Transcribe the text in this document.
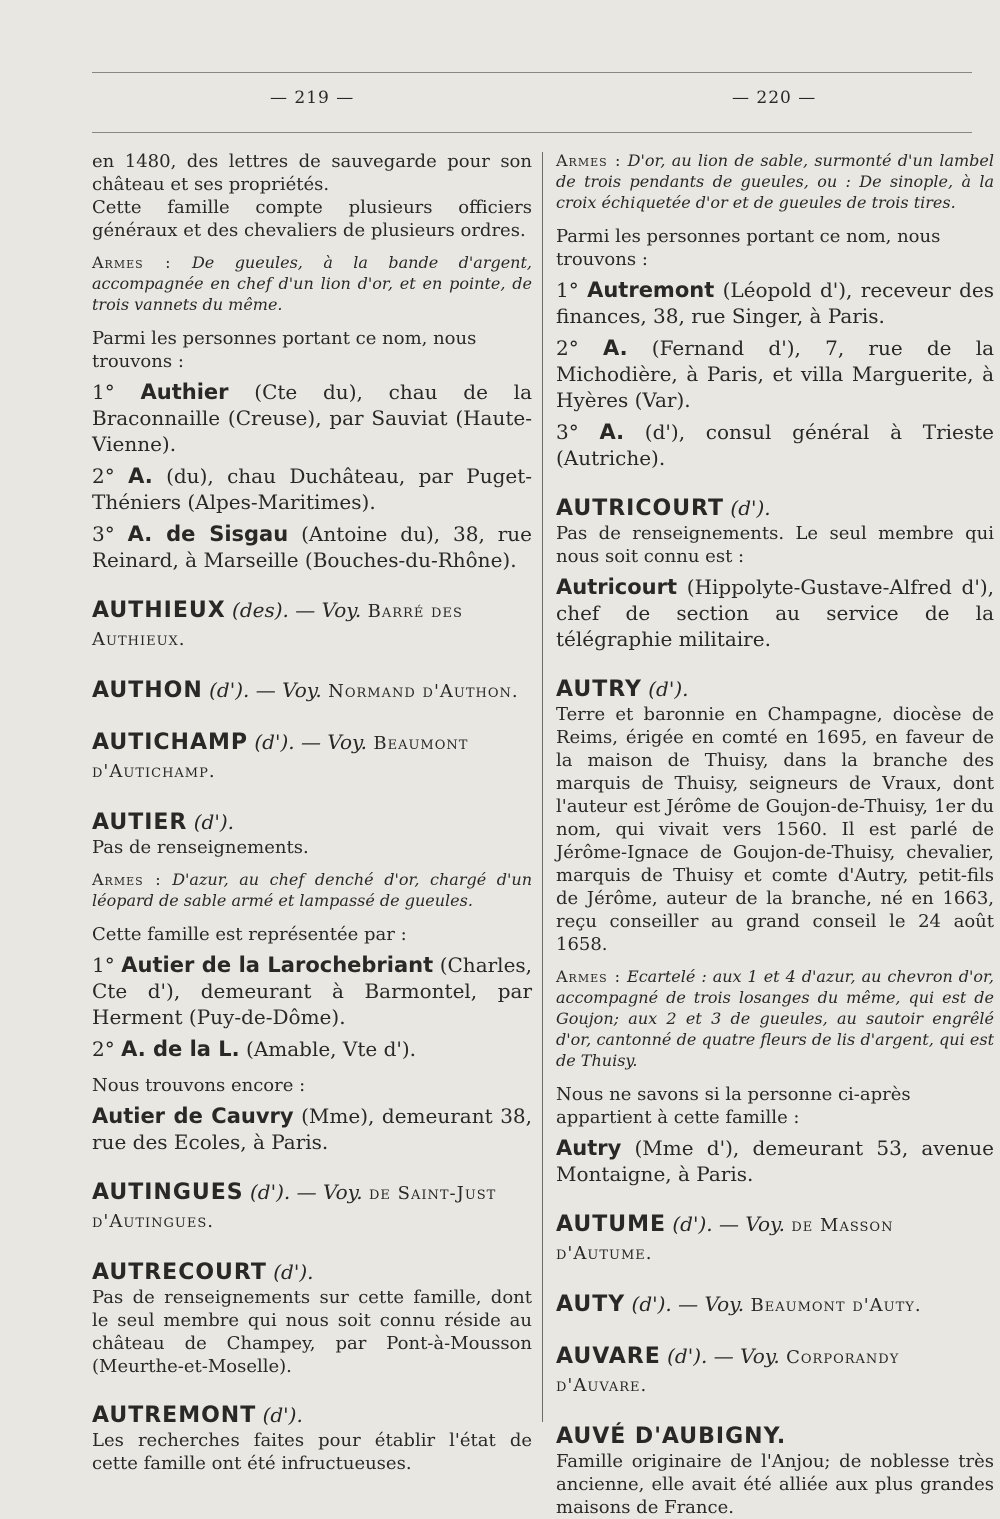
— 219 —	— 220 —

en 1480, des lettres de sauvegarde pour son château et ses propriétés.

Cette famille compte plusieurs officiers généraux et des chevaliers de plusieurs ordres.

Armes : De gueules, à la bande d'argent, accompagnée en chef d'un lion d'or, et en pointe, de trois vannets du même.

Parmi les personnes portant ce nom, nous trouvons :

1° Authier (Cte du), chau de la Braconnaille (Creuse), par Sauviat (Haute-Vienne).

2° A. (du), chau Duchâteau, par Puget-Théniers (Alpes-Maritimes).

3° A. de Sisgau (Antoine du), 38, rue Reinard, à Marseille (Bouches-du-Rhône).

AUTHIEUX (des). — Voy. Barré des Authieux.

AUTHON (d'). — Voy. Normand d'Authon.

AUTICHAMP (d'). — Voy. Beaumont d'Autichamp.

AUTIER (d').

Pas de renseignements.

Armes : D'azur, au chef denché d'or, chargé d'un léopard de sable armé et lampassé de gueules.

Cette famille est représentée par :

1° Autier de la Larochebriant (Charles, Cte d'), demeurant à Barmontel, par Herment (Puy-de-Dôme).

2° A. de la L. (Amable, Vte d').

Nous trouvons encore :

Autier de Cauvry (Mme), demeurant 38, rue des Ecoles, à Paris.

AUTINGUES (d'). — Voy. de Saint-Just d'Autingues.

AUTRECOURT (d').

Pas de renseignements sur cette famille, dont le seul membre qui nous soit connu réside au château de Champey, par Pont-à-Mousson (Meurthe-et-Moselle).

AUTREMONT (d').

Les recherches faites pour établir l'état de cette famille ont été infructueuses.

Armes : D'or, au lion de sable, surmonté d'un lambel de trois pendants de gueules, ou : De sinople, à la croix échiquetée d'or et de gueules de trois tires.

Parmi les personnes portant ce nom, nous trouvons :

1° Autremont (Léopold d'), receveur des finances, 38, rue Singer, à Paris.

2° A. (Fernand d'), 7, rue de la Michodière, à Paris, et villa Marguerite, à Hyères (Var).

3° A. (d'), consul général à Trieste (Autriche).

AUTRICOURT (d').

Pas de renseignements. Le seul membre qui nous soit connu est :

Autricourt (Hippolyte-Gustave-Alfred d'), chef de section au service de la télégraphie militaire.

AUTRY (d').

Terre et baronnie en Champagne, diocèse de Reims, érigée en comté en 1695, en faveur de la maison de Thuisy, dans la branche des marquis de Thuisy, seigneurs de Vraux, dont l'auteur est Jérôme de Goujon-de-Thuisy, 1er du nom, qui vivait vers 1560. Il est parlé de Jérôme-Ignace de Goujon-de-Thuisy, chevalier, marquis de Thuisy et comte d'Autry, petit-fils de Jérôme, auteur de la branche, né en 1663, reçu conseiller au grand conseil le 24 août 1658.

Armes : Ecartelé : aux 1 et 4 d'azur, au chevron d'or, accompagné de trois losanges du même, qui est de Goujon; aux 2 et 3 de gueules, au sautoir engrêlé d'or, cantonné de quatre fleurs de lis d'argent, qui est de Thuisy.

Nous ne savons si la personne ci-après appartient à cette famille :

Autry (Mme d'), demeurant 53, avenue Montaigne, à Paris.

AUTUME (d'). — Voy. de Masson d'Autume.

AUTY (d'). — Voy. Beaumont d'Auty.

AUVARE (d'). — Voy. Corporandy d'Auvare.

AUVÉ D'AUBIGNY.

Famille originaire de l'Anjou; de noblesse très ancienne, elle avait été alliée aux plus grandes maisons de France.
